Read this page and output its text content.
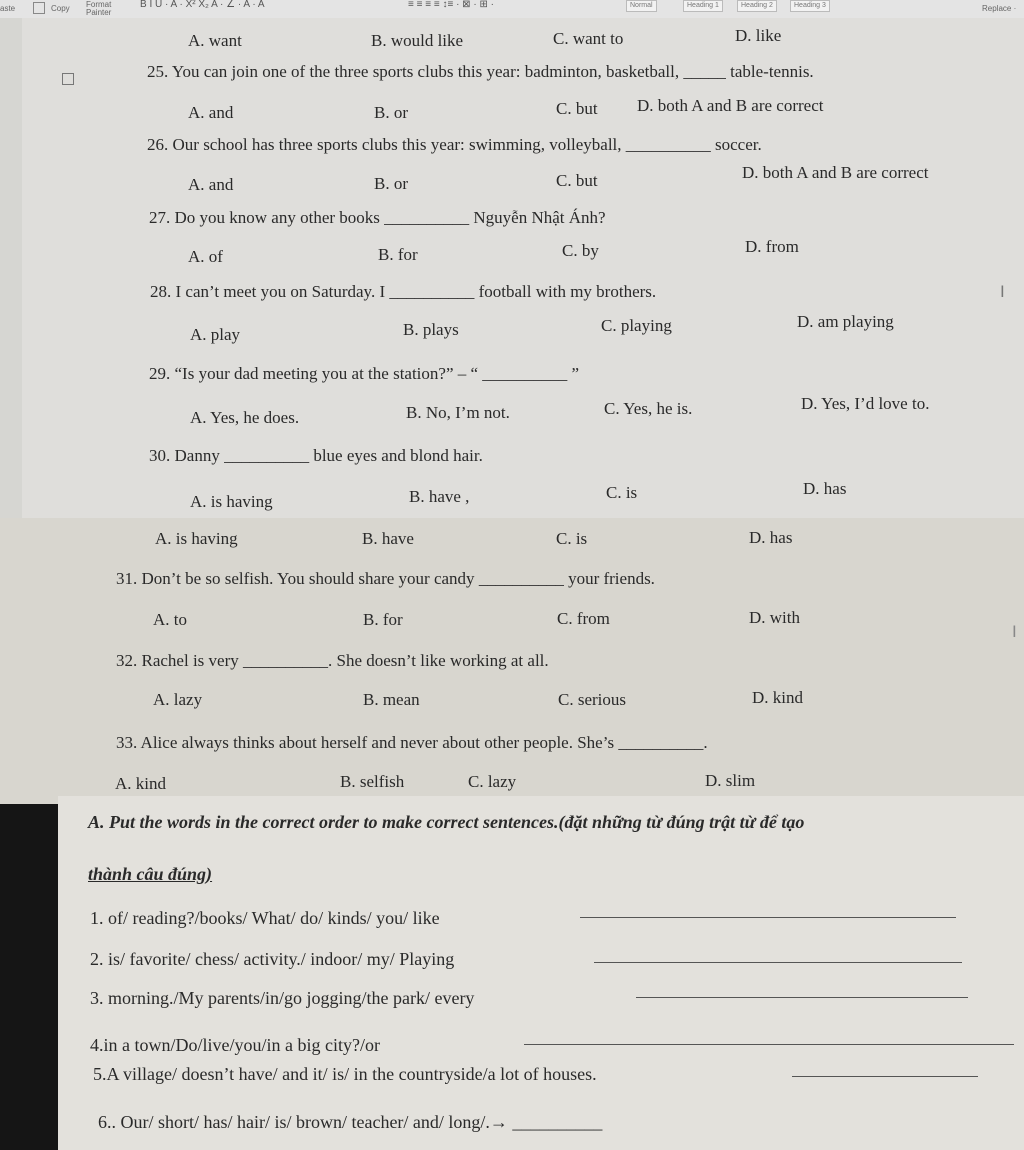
aste	Copy Format
Painter
B I U · A · X² X₂ A · ∠ · A · A	≡ ≡ ≡ ≡ ↕≡ · ⊠ · ⊞ ·	Normal	Heading 1	Heading 2	Heading 3	Replace ·
A. want	B. would like	C. want to	D. like
25. You can join one of the three sports clubs this year: badminton, basketball, _____ table-tennis.
A. and	B. or	C. but D. both A and B are correct
26. Our school has three sports clubs this year: swimming, volleyball, __________ soccer.
A. and	B. or	C. but	D. both A and B are correct
27. Do you know any other books __________ Nguyễn Nhật Ánh?
A. of	B. for	C. by	D. from
28. I can’t meet you on Saturday. I __________ football with my brothers.	I
A. play	B. plays	C. playing	D. am playing
29. “Is your dad meeting you at the station?” – “ __________ ”
A. Yes, he does.	B. No, I’m not.	C. Yes, he is.	D. Yes, I’d love to.
30. Danny __________ blue eyes and blond hair.
A. is having	B. have ,	C. is	D. has
A. is having	B. have	C. is	D. has
31. Don’t be so selfish. You should share your candy __________ your friends.
A. to	B. for	C. from	D. with
I
32. Rachel is very __________. She doesn’t like working at all.
A. lazy	B. mean	C. serious	D. kind
33. Alice always thinks about herself and never about other people. She’s __________.
A. kind	B. selfish	C. lazy	D. slim
A. Put the words in the correct order to make correct sentences.(đặt những từ đúng trật từ để tạo
thành câu đúng)
1. of/ reading?/books/ What/ do/ kinds/ you/ like
2. is/ favorite/ chess/ activity./ indoor/ my/ Playing
3. morning./My parents/in/go jogging/the park/ every
4.in a town/Do/live/you/in a big city?/or
5.A village/ doesn’t have/ and it/ is/ in the countryside/a lot of houses.
6.. Our/ short/ has/ hair/ is/ brown/ teacher/ and/ long/.→ __________
